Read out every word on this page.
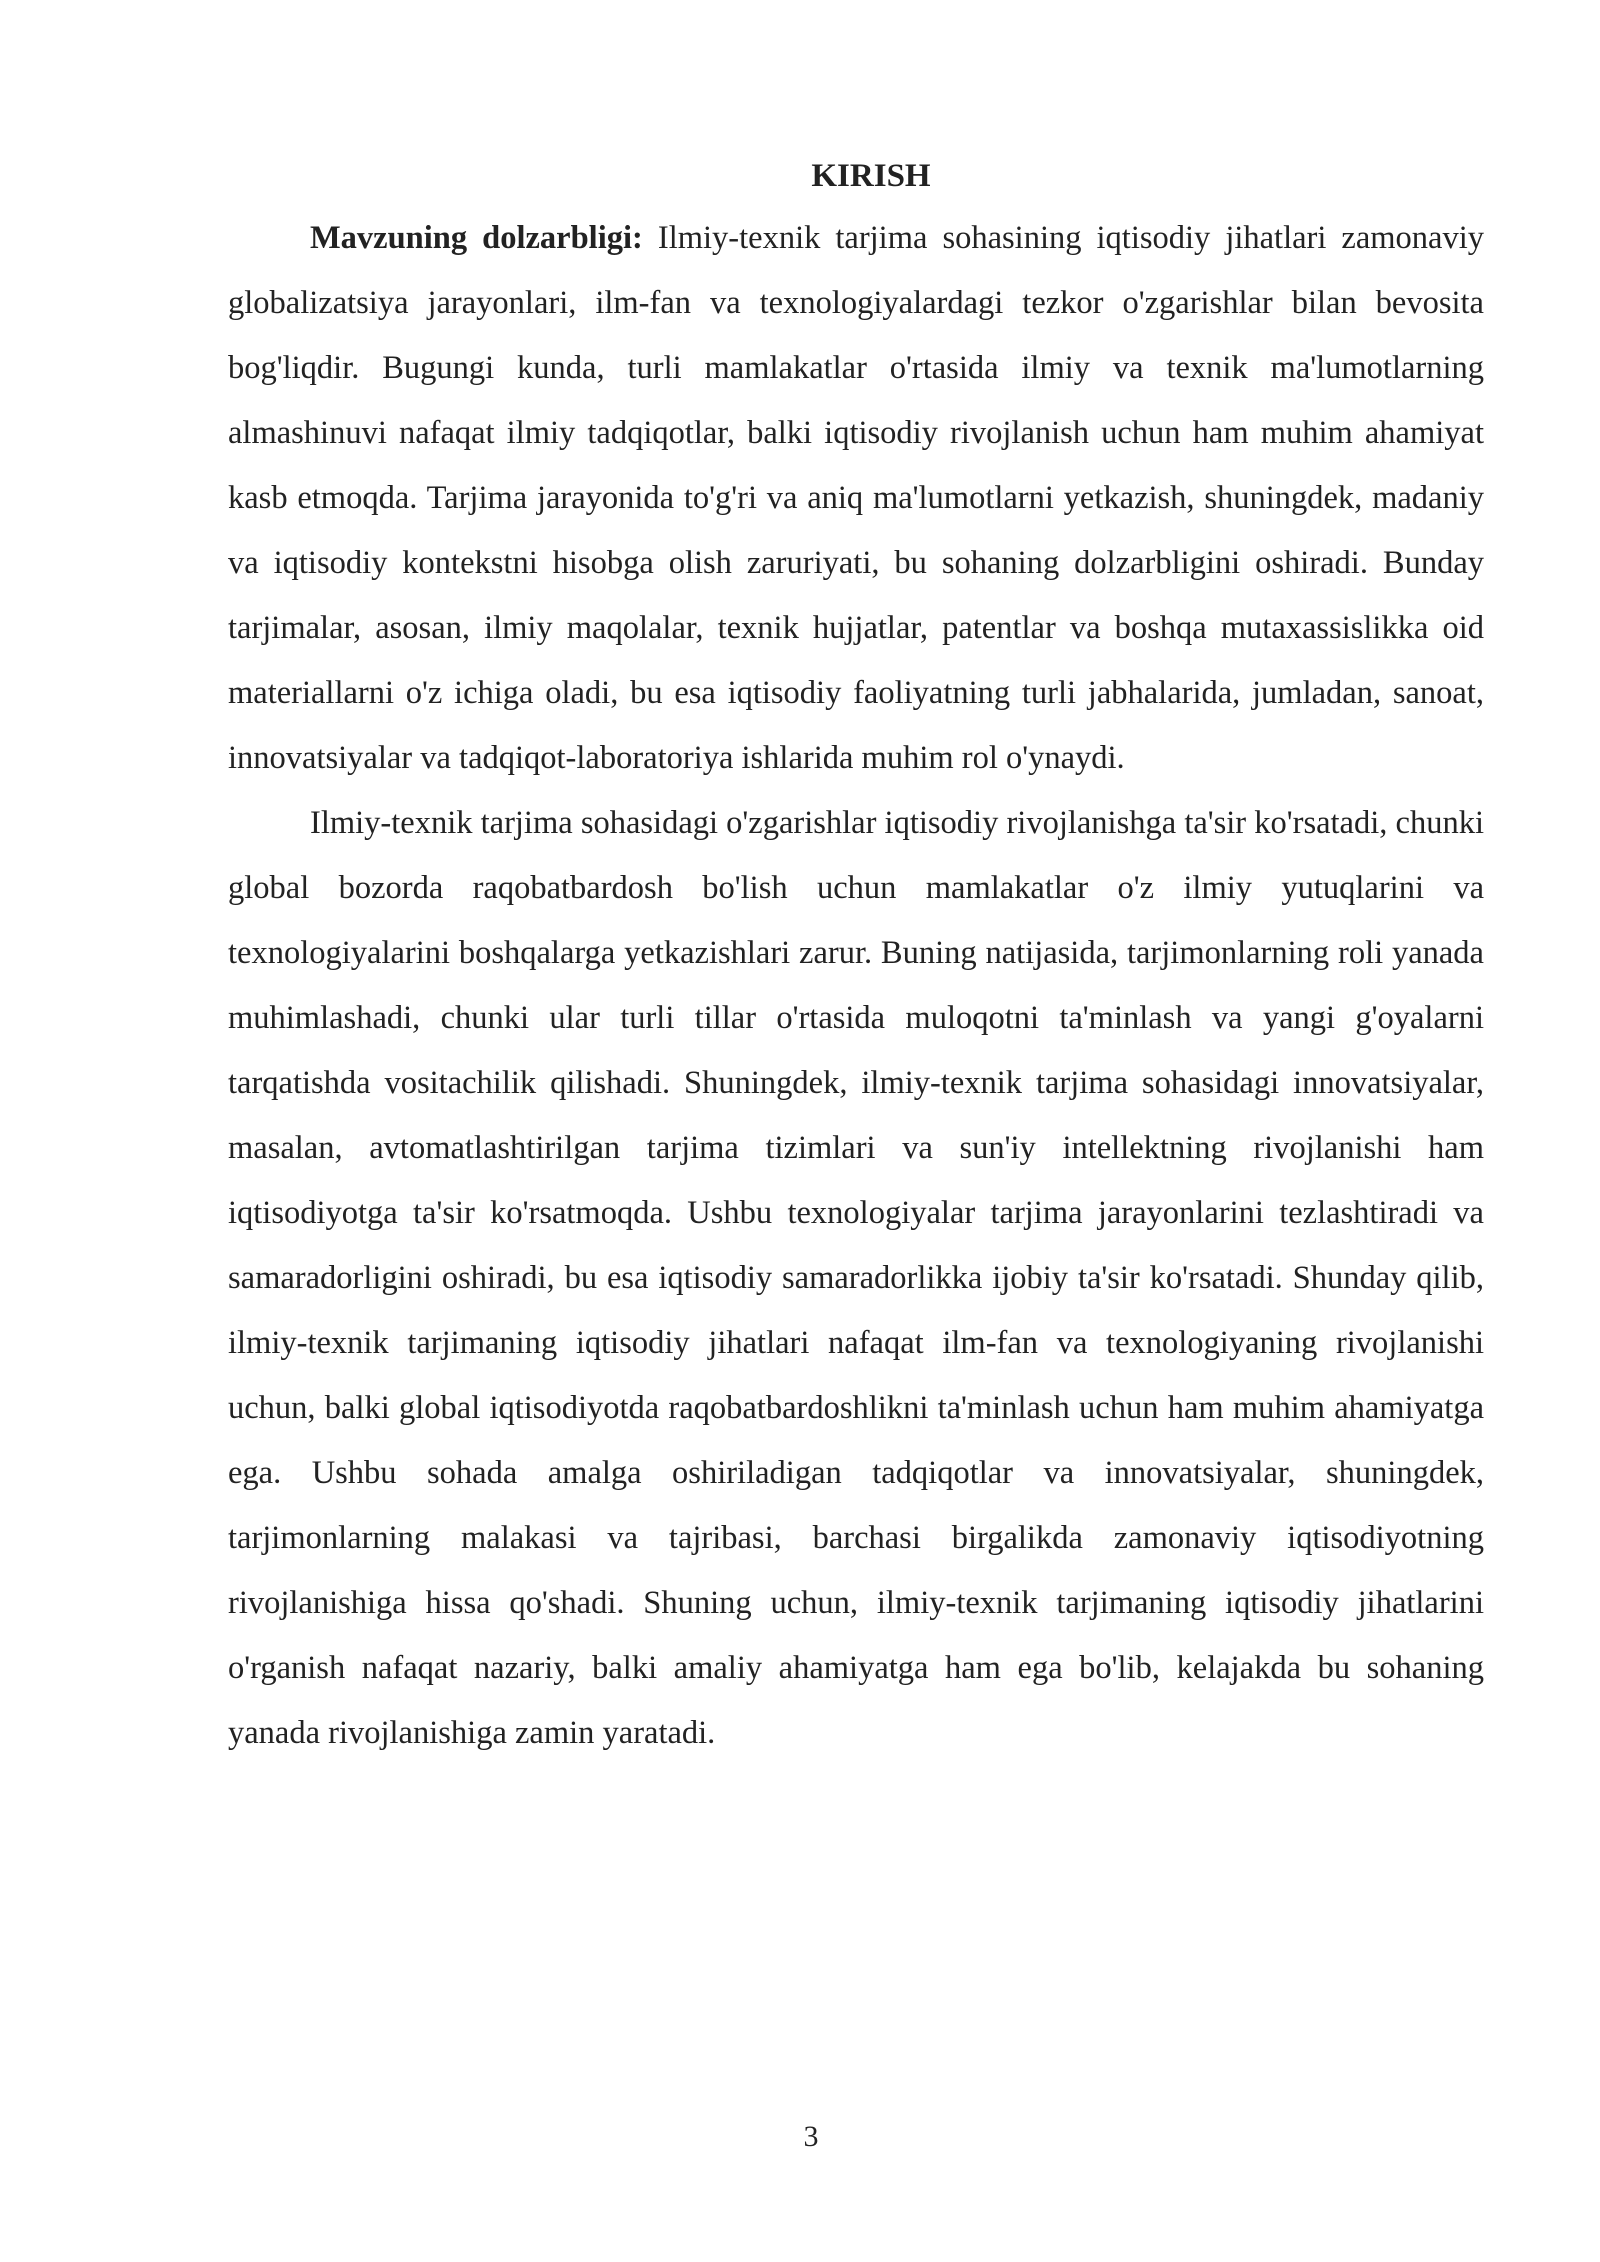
KIRISH

Mavzuning dolzarbligi: Ilmiy-texnik tarjima sohasining iqtisodiy jihatlari zamonaviy globalizatsiya jarayonlari, ilm-fan va texnologiyalardagi tezkor o'zgarishlar bilan bevosita bog'liqdir. Bugungi kunda, turli mamlakatlar o'rtasida ilmiy va texnik ma'lumotlarning almashinuvi nafaqat ilmiy tadqiqotlar, balki iqtisodiy rivojlanish uchun ham muhim ahamiyat kasb etmoqda. Tarjima jarayonida to'g'ri va aniq ma'lumotlarni yetkazish, shuningdek, madaniy va iqtisodiy kontekstni hisobga olish zaruriyati, bu sohaning dolzarbligini oshiradi. Bunday tarjimalar, asosan, ilmiy maqolalar, texnik hujjatlar, patentlar va boshqa mutaxassislikka oid materiallarni o'z ichiga oladi, bu esa iqtisodiy faoliyatning turli jabhalarida, jumladan, sanoat, innovatsiyalar va tadqiqot-laboratoriya ishlarida muhim rol o'ynaydi.

Ilmiy-texnik tarjima sohasidagi o'zgarishlar iqtisodiy rivojlanishga ta'sir ko'rsatadi, chunki global bozorda raqobatbardosh bo'lish uchun mamlakatlar o'z ilmiy yutuqlarini va texnologiyalarini boshqalarga yetkazishlari zarur. Buning natijasida, tarjimonlarning roli yanada muhimlashadi, chunki ular turli tillar o'rtasida muloqotni ta'minlash va yangi g'oyalarni tarqatishda vositachilik qilishadi. Shuningdek, ilmiy-texnik tarjima sohasidagi innovatsiyalar, masalan, avtomatlashtirilgan tarjima tizimlari va sun'iy intellektning rivojlanishi ham iqtisodiyotga ta'sir ko'rsatmoqda. Ushbu texnologiyalar tarjima jarayonlarini tezlashtiradi va samaradorligini oshiradi, bu esa iqtisodiy samaradorlikka ijobiy ta'sir ko'rsatadi. Shunday qilib, ilmiy-texnik tarjimaning iqtisodiy jihatlari nafaqat ilm-fan va texnologiyaning rivojlanishi uchun, balki global iqtisodiyotda raqobatbardoshlikni ta'minlash uchun ham muhim ahamiyatga ega. Ushbu sohada amalga oshiriladigan tadqiqotlar va innovatsiyalar, shuningdek, tarjimonlarning malakasi va tajribasi, barchasi birgalikda zamonaviy iqtisodiyotning rivojlanishiga hissa qo'shadi. Shuning uchun, ilmiy-texnik tarjimaning iqtisodiy jihatlarini o'rganish nafaqat nazariy, balki amaliy ahamiyatga ham ega bo'lib, kelajakda bu sohaning yanada rivojlanishiga zamin yaratadi.

3
